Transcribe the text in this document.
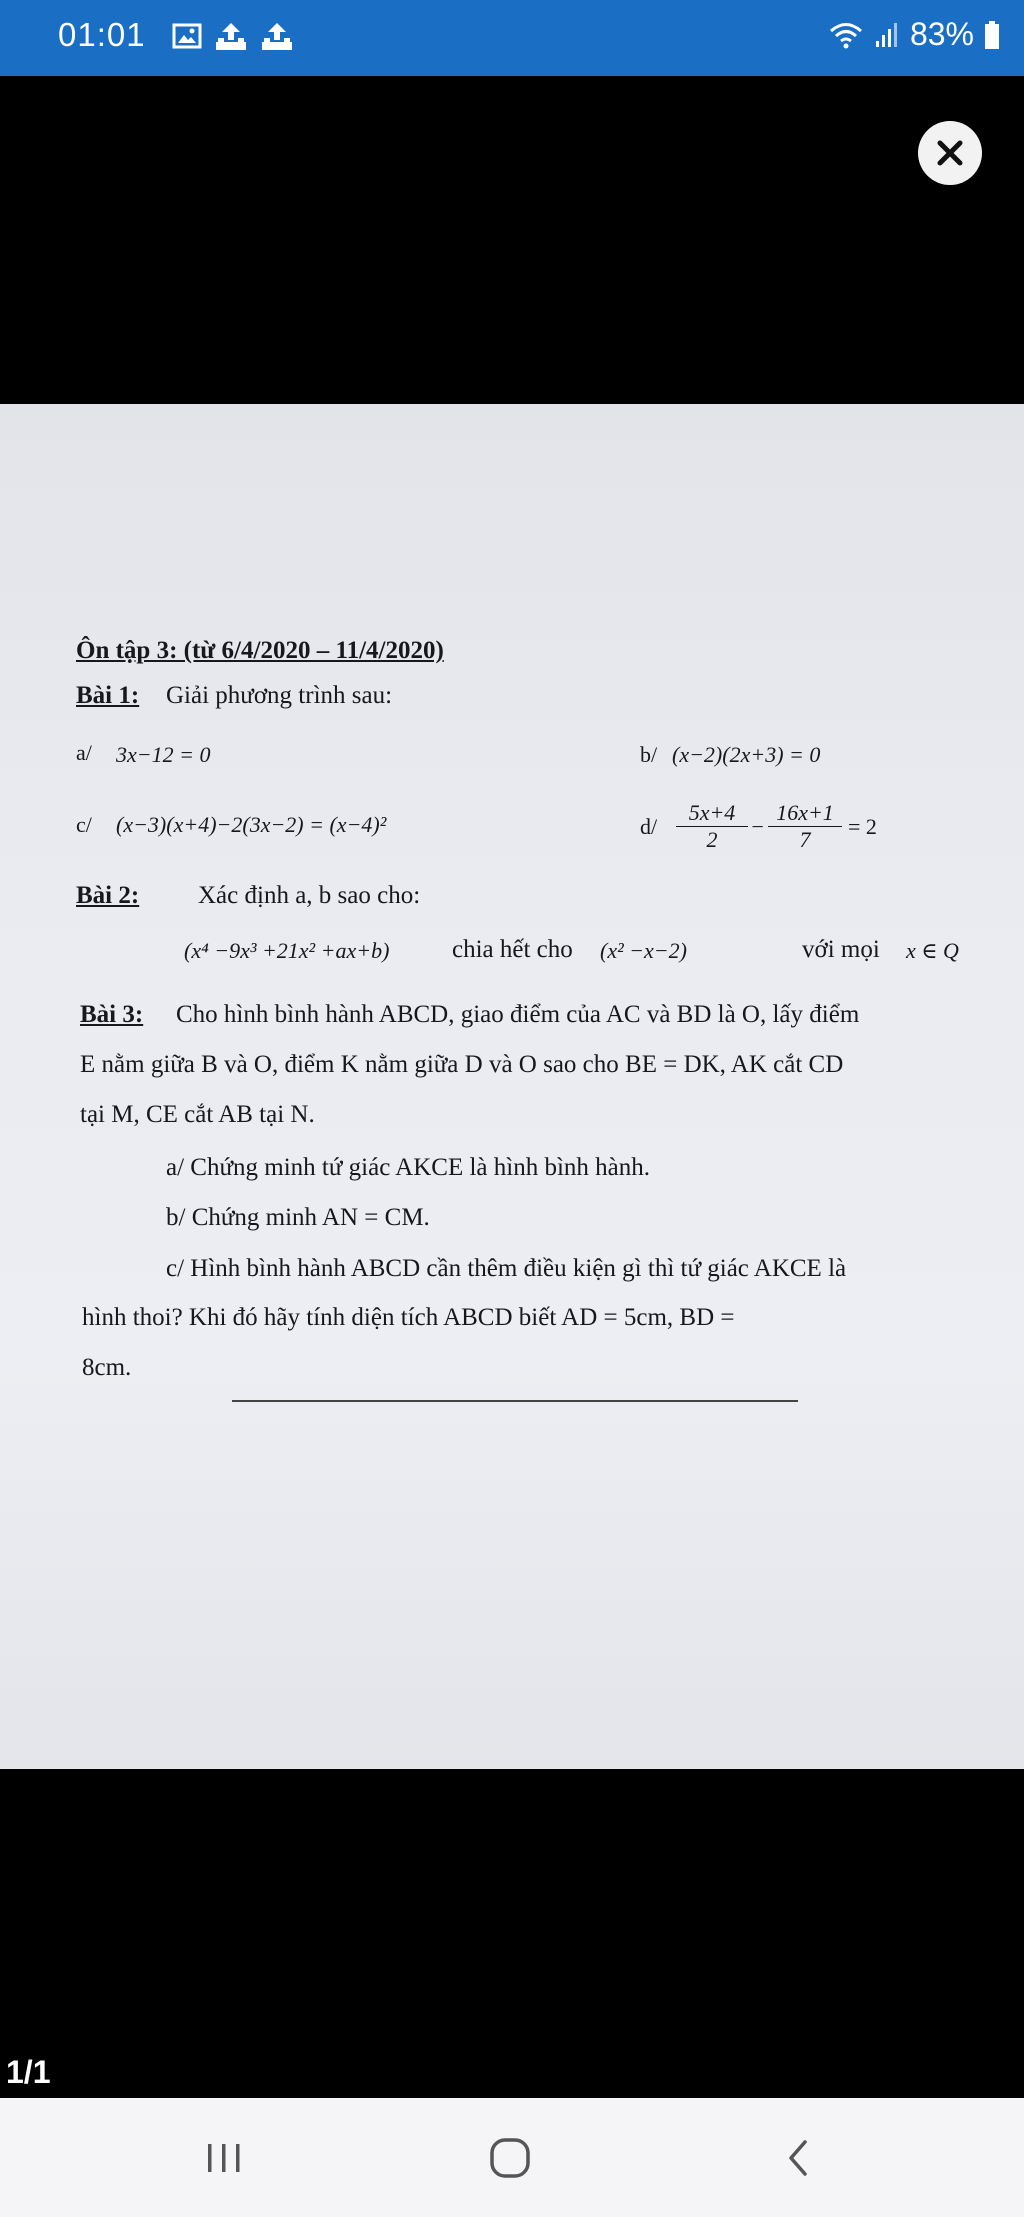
01:01	83%
Ôn tập 3: (từ 6/4/2020 – 11/4/2020)
Bài 1: Giải phương trình sau:
a/ 3x−12 = 0	b/ (x−2)(2x+3) = 0
c/ (x−3)(x+4)−2(3x−2) = (x−4)²	$d/ \frac{5x+4}{2} - \frac{16x+1}{7} = 2$
Bài 2: Xác định a, b sao cho:
(x⁴ −9x³ +21x² +ax+b)	chia hết cho (x² −x−2)	với mọi x ∈ Q
Bài 3: Cho hình bình hành ABCD, giao điểm của AC và BD là O, lấy điểm
E nằm giữa B và O, điểm K nằm giữa D và O sao cho BE = DK, AK cắt CD
tại M, CE cắt AB tại N.
a/ Chứng minh tứ giác AKCE là hình bình hành.
b/ Chứng minh AN = CM.
c/ Hình bình hành ABCD cần thêm điều kiện gì thì tứ giác AKCE là
hình thoi? Khi đó hãy tính diện tích ABCD biết AD = 5cm, BD =
8cm.
1/1
